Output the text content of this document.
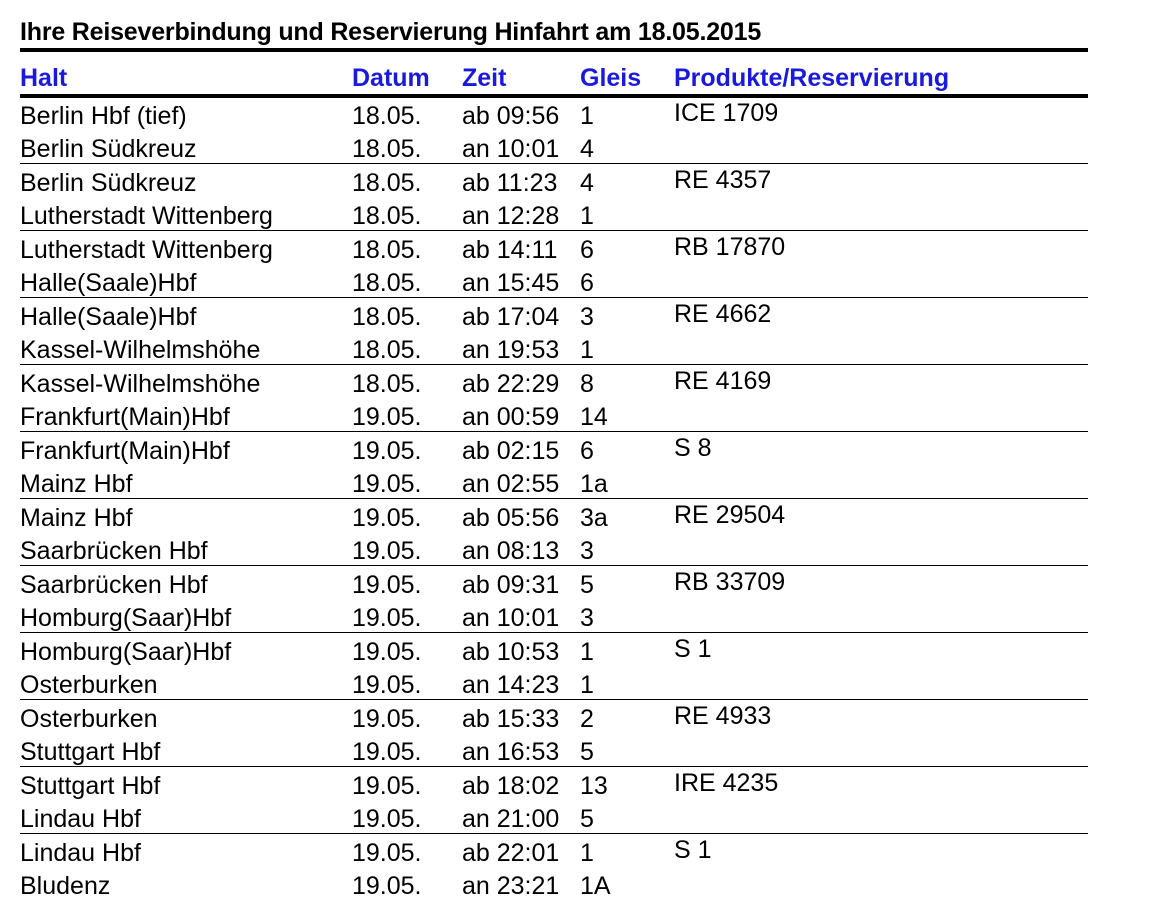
Ihre Reiseverbindung und Reservierung Hinfahrt am 18.05.2015
Halt	Datum Zeit	Gleis Produkte/Reservierung
Berlin Hbf (tief)	18.05. ab 09:56 1	ICE 1709
Berlin Südkreuz	18.05. an 10:01 4
Berlin Südkreuz	18.05. ab 11:23 4	RE 4357
Lutherstadt Wittenberg	18.05. an 12:28 1
Lutherstadt Wittenberg	18.05. ab 14:11 6	RB 17870
Halle(Saale)Hbf	18.05. an 15:45 6
Halle(Saale)Hbf	18.05. ab 17:04 3	RE 4662
Kassel-Wilhelmshöhe	18.05. an 19:53 1
Kassel-Wilhelmshöhe	18.05. ab 22:29 8	RE 4169
Frankfurt(Main)Hbf	19.05. an 00:59 14
Frankfurt(Main)Hbf	19.05. ab 02:15 6	S 8
Mainz Hbf	19.05. an 02:55 1a
Mainz Hbf	19.05. ab 05:56 3a	RE 29504
Saarbrücken Hbf	19.05. an 08:13 3
Saarbrücken Hbf	19.05. ab 09:31 5	RB 33709
Homburg(Saar)Hbf	19.05. an 10:01 3
Homburg(Saar)Hbf	19.05. ab 10:53 1	S 1
Osterburken	19.05. an 14:23 1
Osterburken	19.05. ab 15:33 2	RE 4933
Stuttgart Hbf	19.05. an 16:53 5
Stuttgart Hbf	19.05. ab 18:02 13	IRE 4235
Lindau Hbf	19.05. an 21:00 5
Lindau Hbf	19.05. ab 22:01 1	S 1
Bludenz	19.05. an 23:21 1A
